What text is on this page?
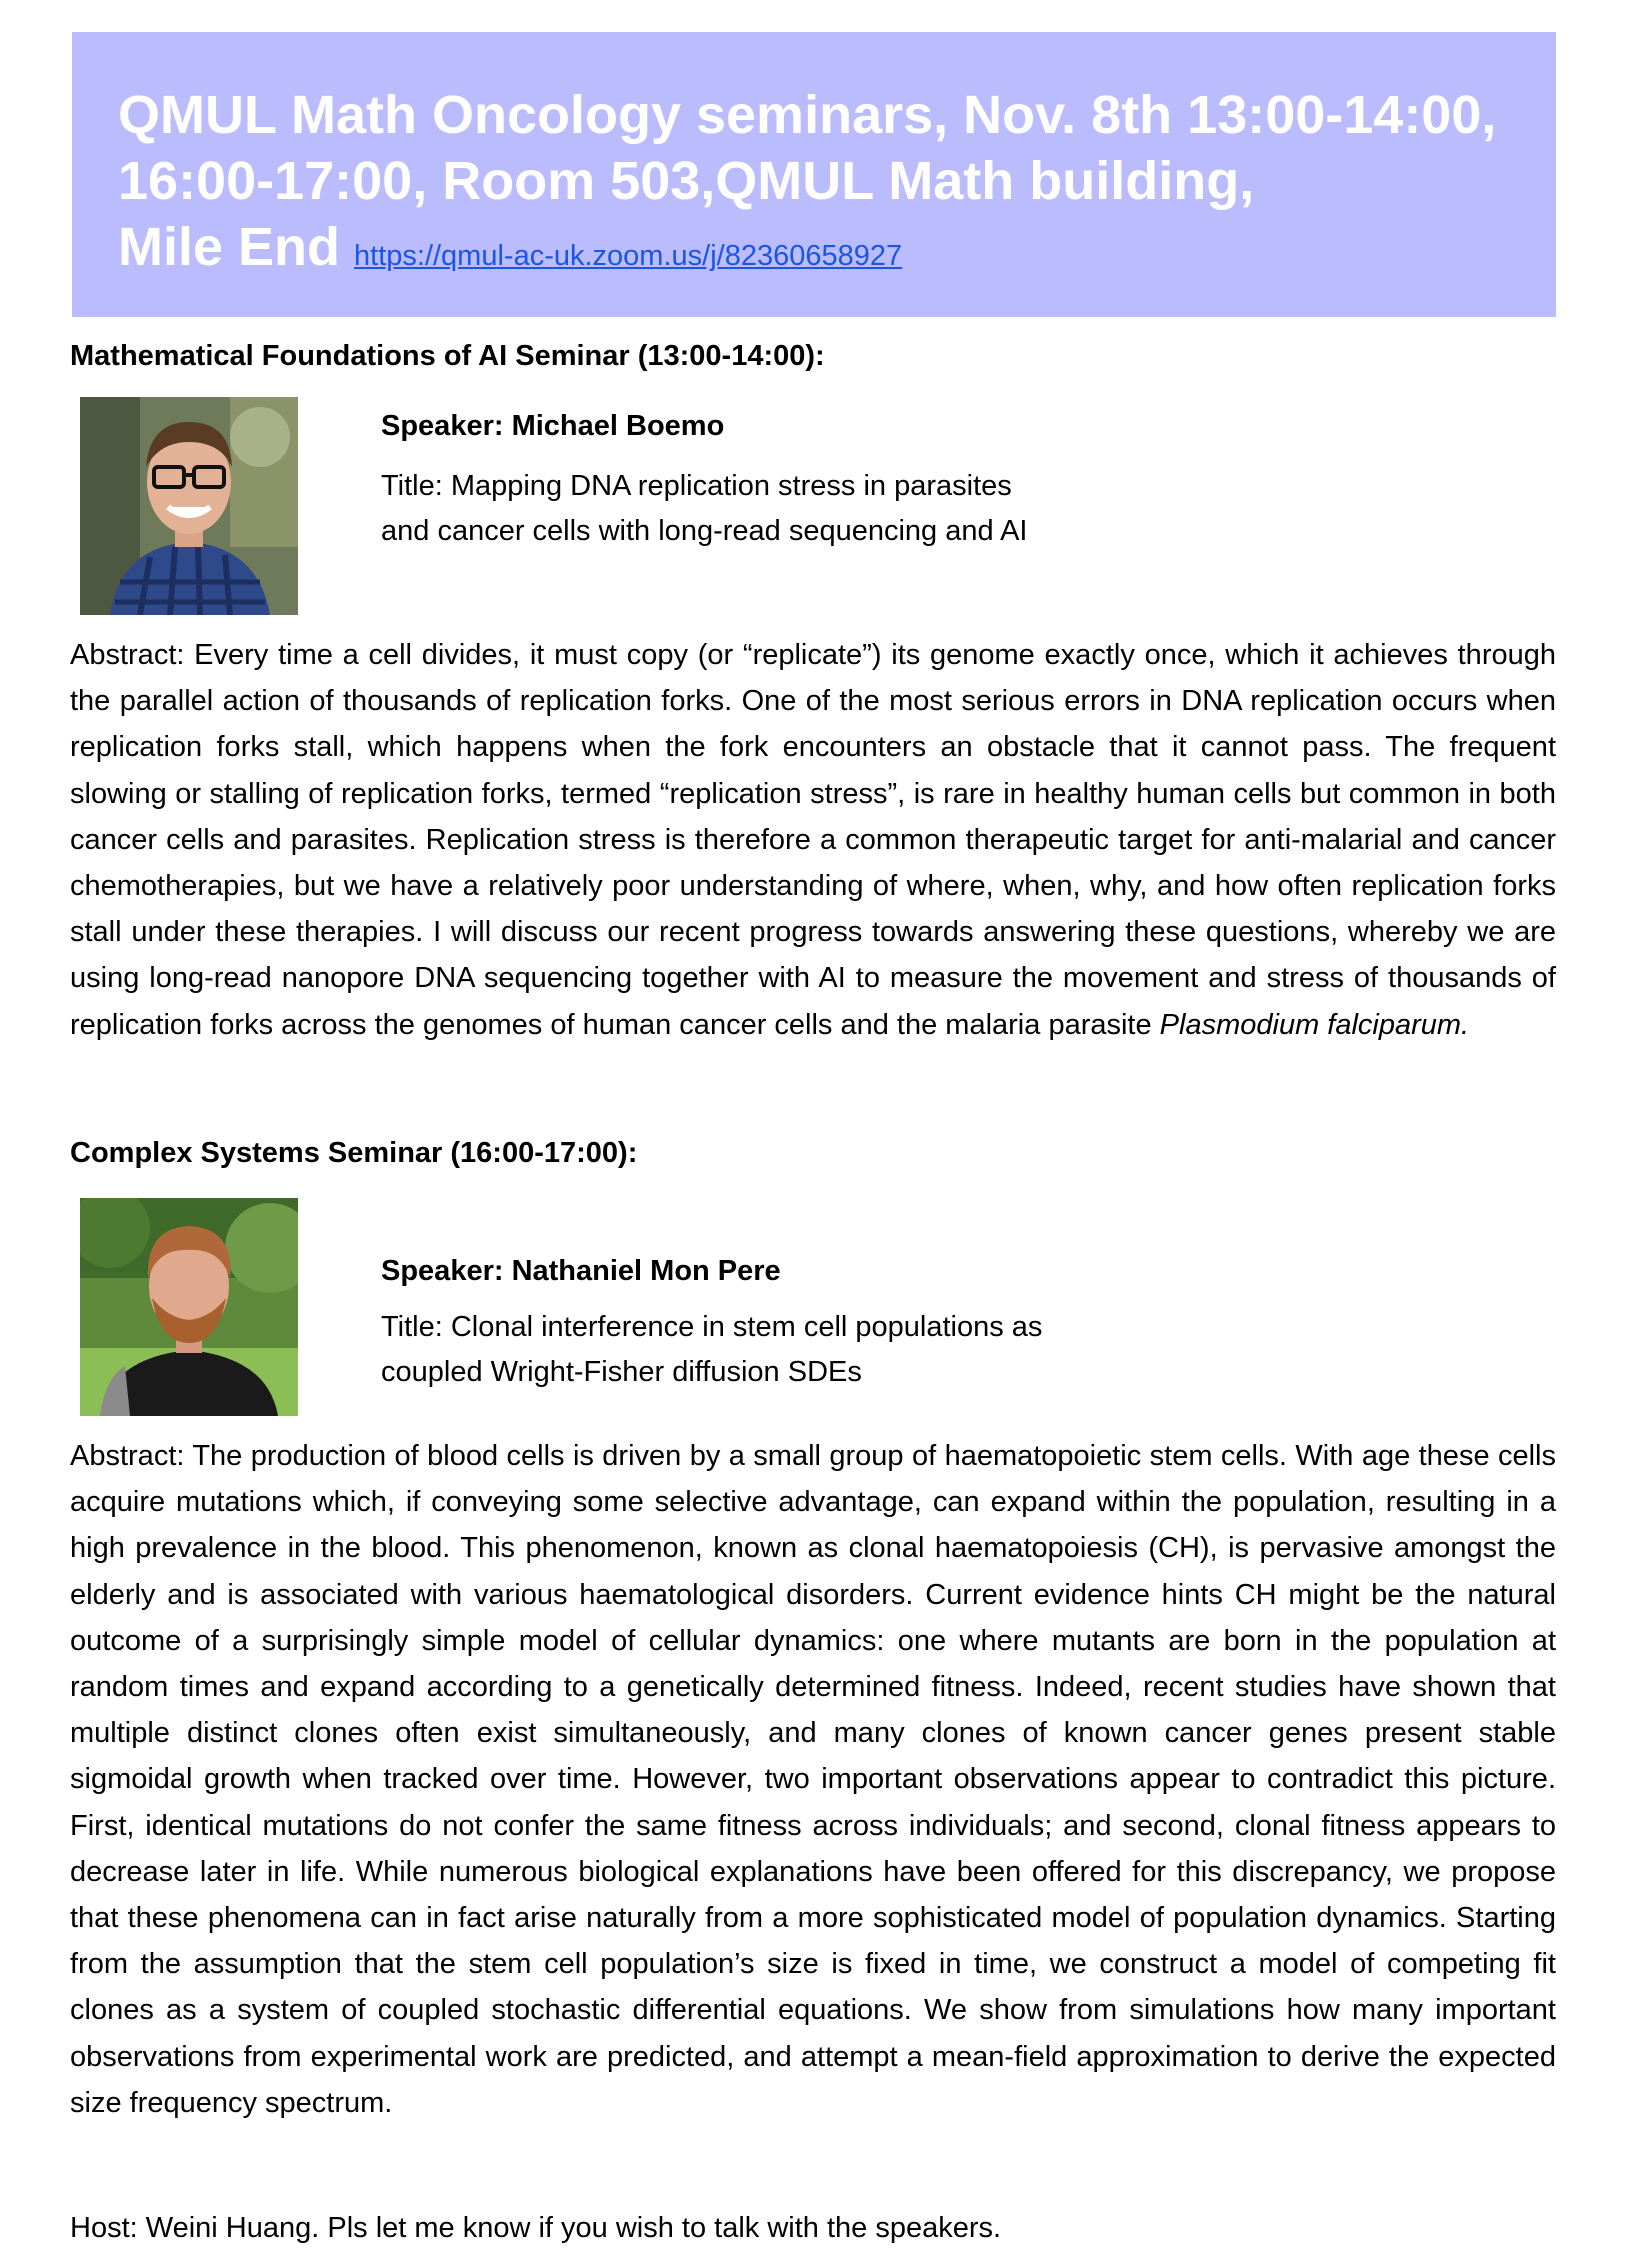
QMUL Math Oncology seminars, Nov. 8th 13:00-14:00,
16:00-17:00, Room 503,QMUL Math building,
Mile End https://qmul-ac-uk.zoom.us/j/82360658927
Mathematical Foundations of AI Seminar (13:00-14:00):
Speaker: Michael Boemo
Title: Mapping DNA replication stress in parasites
and cancer cells with long-read sequencing and AI
Abstract: Every time a cell divides, it must copy (or “replicate”) its genome exactly once, which it achieves through the parallel action of thousands of replication forks. One of the most serious errors in DNA replication occurs when replication forks stall, which happens when the fork encounters an obstacle that it cannot pass. The frequent slowing or stalling of replication forks, termed “replication stress”, is rare in healthy human cells but common in both cancer cells and parasites. Replication stress is therefore a common therapeutic target for anti-malarial and cancer chemotherapies, but we have a relatively poor understanding of where, when, why, and how often replication forks stall under these therapies. I will discuss our recent progress towards answering these questions, whereby we are using long-read nanopore DNA sequencing together with AI to measure the movement and stress of thousands of replication forks across the genomes of human cancer cells and the malaria parasite Plasmodium falciparum.
Complex Systems Seminar (16:00-17:00):
Speaker: Nathaniel Mon Pere
Title: Clonal interference in stem cell populations as
coupled Wright-Fisher diffusion SDEs
Abstract: The production of blood cells is driven by a small group of haematopoietic stem cells. With age these cells acquire mutations which, if conveying some selective advantage, can expand within the population, resulting in a high prevalence in the blood. This phenomenon, known as clonal haematopoiesis (CH), is pervasive amongst the elderly and is associated with various haematological disorders. Current evidence hints CH might be the natural outcome of a surprisingly simple model of cellular dynamics: one where mutants are born in the population at random times and expand according to a genetically determined fitness. Indeed, recent studies have shown that multiple distinct clones often exist simultaneously, and many clones of known cancer genes present stable sigmoidal growth when tracked over time. However, two important observations appear to contradict this picture. First, identical mutations do not confer the same fitness across individuals; and second, clonal fitness appears to decrease later in life. While numerous biological explanations have been offered for this discrepancy, we propose that these phenomena can in fact arise naturally from a more sophisticated model of population dynamics. Starting from the assumption that the stem cell population’s size is fixed in time, we construct a model of competing fit clones as a system of coupled stochastic differential equations. We show from simulations how many important observations from experimental work are predicted, and attempt a mean-field approximation to derive the expected size frequency spectrum.
Host: Weini Huang. Pls let me know if you wish to talk with the speakers.
